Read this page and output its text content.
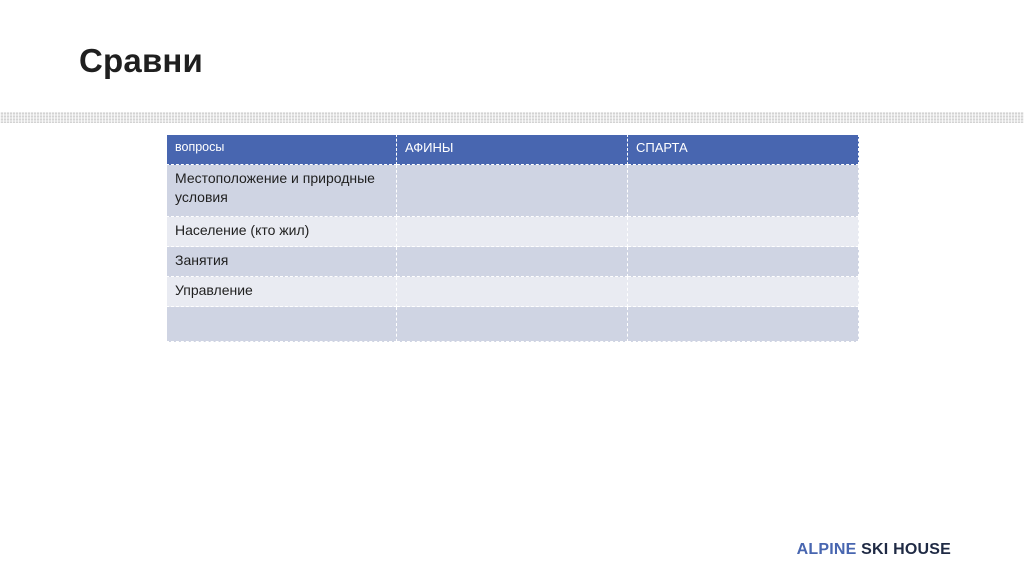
Сравни
вопросы	АФИНЫ	СПАРТА
Местоположение и природные условия		
Население (кто жил)		
Занятия		
Управление		

ALPINE SKI HOUSE
